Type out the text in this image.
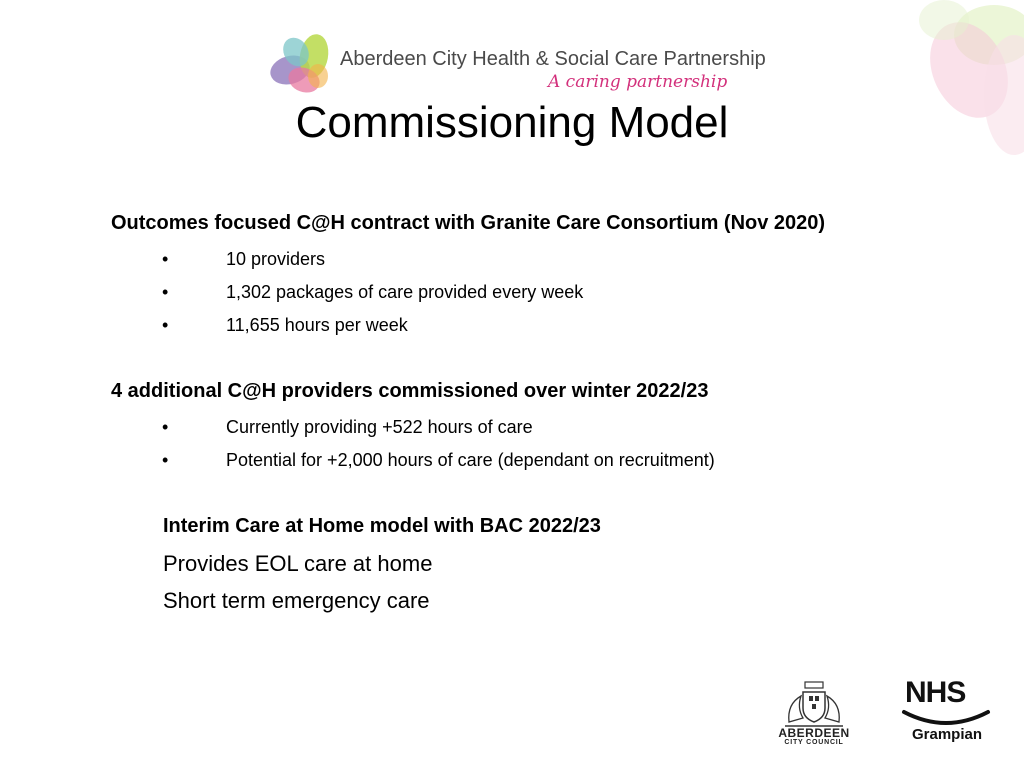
Aberdeen City Health & Social Care Partnership
A caring partnership
Commissioning Model
Outcomes focused C@H contract with Granite Care Consortium (Nov 2020)
•	10 providers
•	1,302 packages of care provided every week
•	11,655 hours per week
4 additional C@H providers commissioned over winter 2022/23
•	Currently providing +522 hours of care
•	Potential for +2,000 hours of care (dependant on recruitment)
Interim Care at Home model with BAC 2022/23
Provides EOL care at home
Short term emergency care
ABERDEEN
CITY COUNCIL
NHS
Grampian
